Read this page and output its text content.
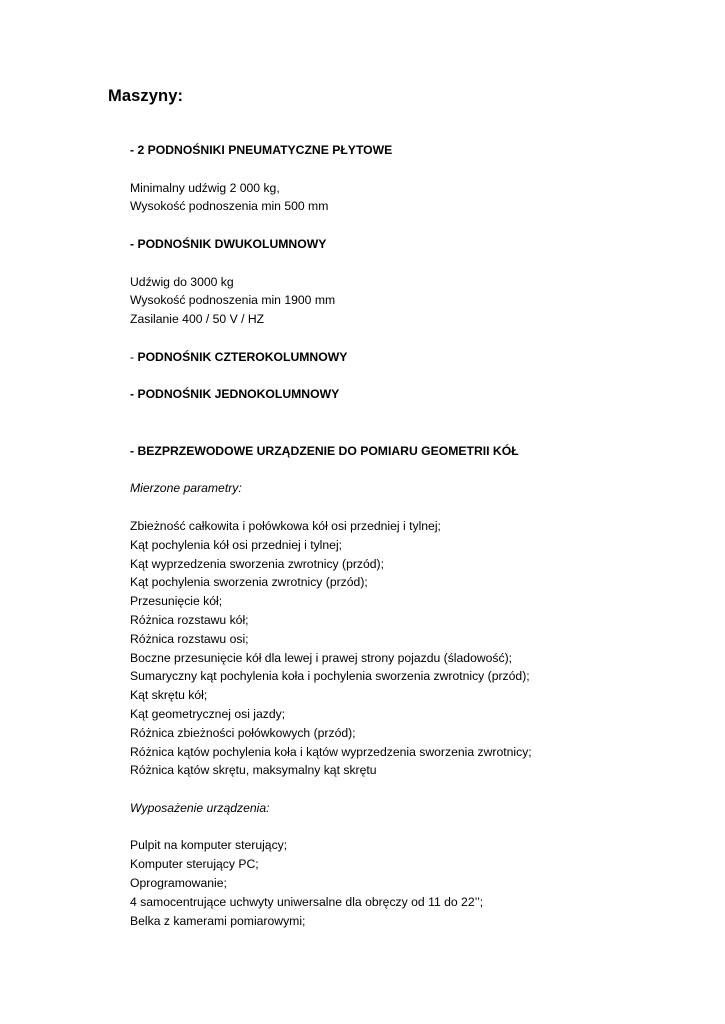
Maszyny:
- 2 PODNOŚNIKI PNEUMATYCZNE PŁYTOWE
Minimalny udźwig 2 000 kg,
Wysokość podnoszenia min 500 mm
- PODNOŚNIK DWUKOLUMNOWY
Udźwig do 3000 kg
Wysokość podnoszenia min 1900 mm
Zasilanie 400 / 50 V / HZ
- PODNOŚNIK CZTEROKOLUMNOWY
- PODNOŚNIK JEDNOKOLUMNOWY
- BEZPRZEWODOWE URZĄDZENIE DO POMIARU GEOMETRII KÓŁ
Mierzone parametry:
Zbieżność całkowita i połówkowa kół osi przedniej i tylnej;
Kąt pochylenia kół osi przedniej i tylnej;
Kąt wyprzedzenia sworzenia zwrotnicy (przód);
Kąt pochylenia sworzenia zwrotnicy (przód);
Przesunięcie kół;
Różnica rozstawu kół;
Różnica rozstawu osi;
Boczne przesunięcie kół dla lewej i prawej strony pojazdu (śladowość);
Sumaryczny kąt pochylenia koła i pochylenia sworzenia zwrotnicy (przód);
Kąt skrętu kół;
Kąt geometrycznej osi jazdy;
Różnica zbieżności połówkowych (przód);
Różnica kątów pochylenia koła i kątów wyprzedzenia sworzenia zwrotnicy;
Różnica kątów skrętu, maksymalny kąt skrętu
Wyposażenie urządzenia:
Pulpit na komputer sterujący;
Komputer sterujący PC;
Oprogramowanie;
4 samocentrujące uchwyty uniwersalne dla obręczy od 11 do 22’’;
Belka z kamerami pomiarowymi;
